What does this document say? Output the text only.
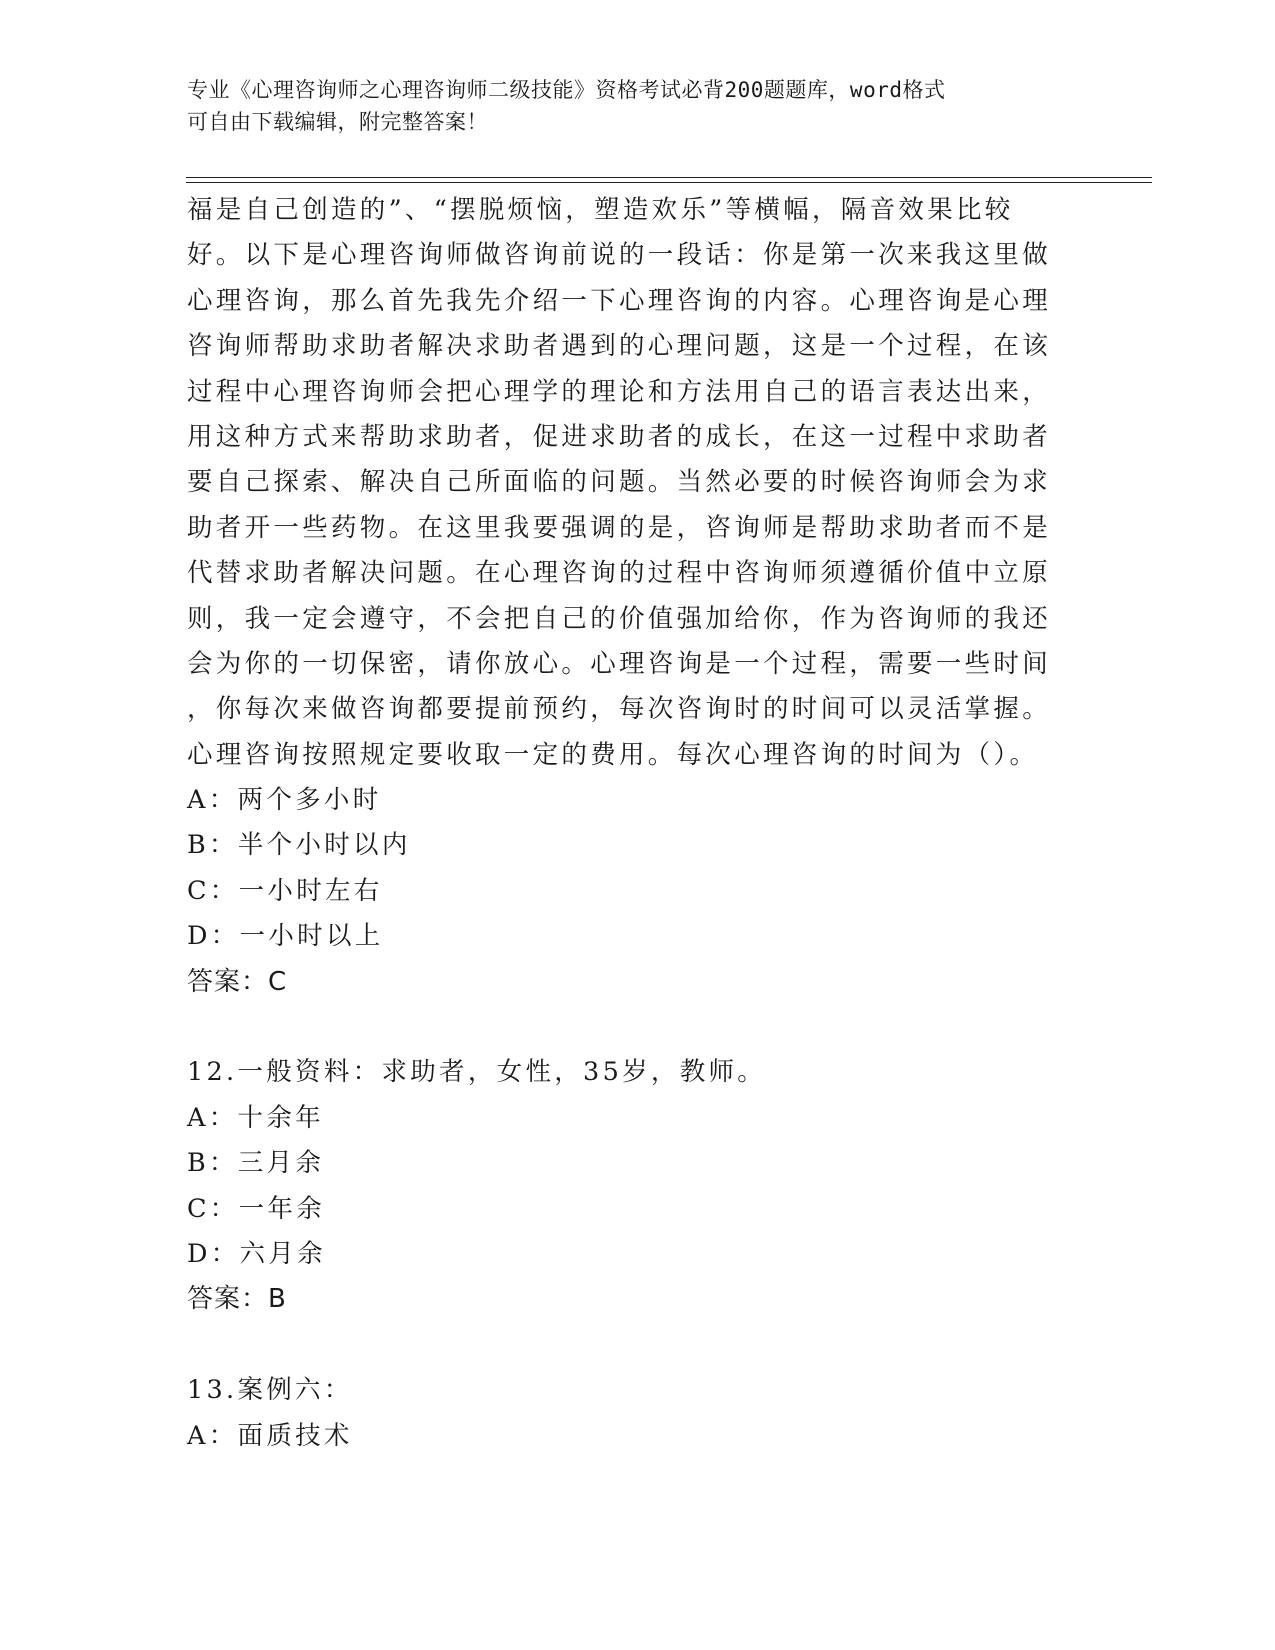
专业《心理咨询师之心理咨询师二级技能》资格考试必背200题题库，word格式
可自由下载编辑，附完整答案！
福是自己创造的”、“摆脱烦恼，塑造欢乐”等横幅，隔音效果比较
好。以下是心理咨询师做咨询前说的一段话：你是第一次来我这里做
心理咨询，那么首先我先介绍一下心理咨询的内容。心理咨询是心理
咨询师帮助求助者解决求助者遇到的心理问题，这是一个过程，在该
过程中心理咨询师会把心理学的理论和方法用自己的语言表达出来，
用这种方式来帮助求助者，促进求助者的成长，在这一过程中求助者
要自己探索、解决自己所面临的问题。当然必要的时候咨询师会为求
助者开一些药物。在这里我要强调的是，咨询师是帮助求助者而不是
代替求助者解决问题。在心理咨询的过程中咨询师须遵循价值中立原
则，我一定会遵守，不会把自己的价值强加给你，作为咨询师的我还
会为你的一切保密，请你放心。心理咨询是一个过程，需要一些时间
，你每次来做咨询都要提前预约，每次咨询时的时间可以灵活掌握。
心理咨询按照规定要收取一定的费用。每次心理咨询的时间为（）。
A：两个多小时
B：半个小时以内
C：一小时左右
D：一小时以上
答案：C
12.一般资料：求助者，女性，35岁，教师。
A：十余年
B：三月余
C：一年余
D：六月余
答案：B
13.案例六：
A：面质技术
